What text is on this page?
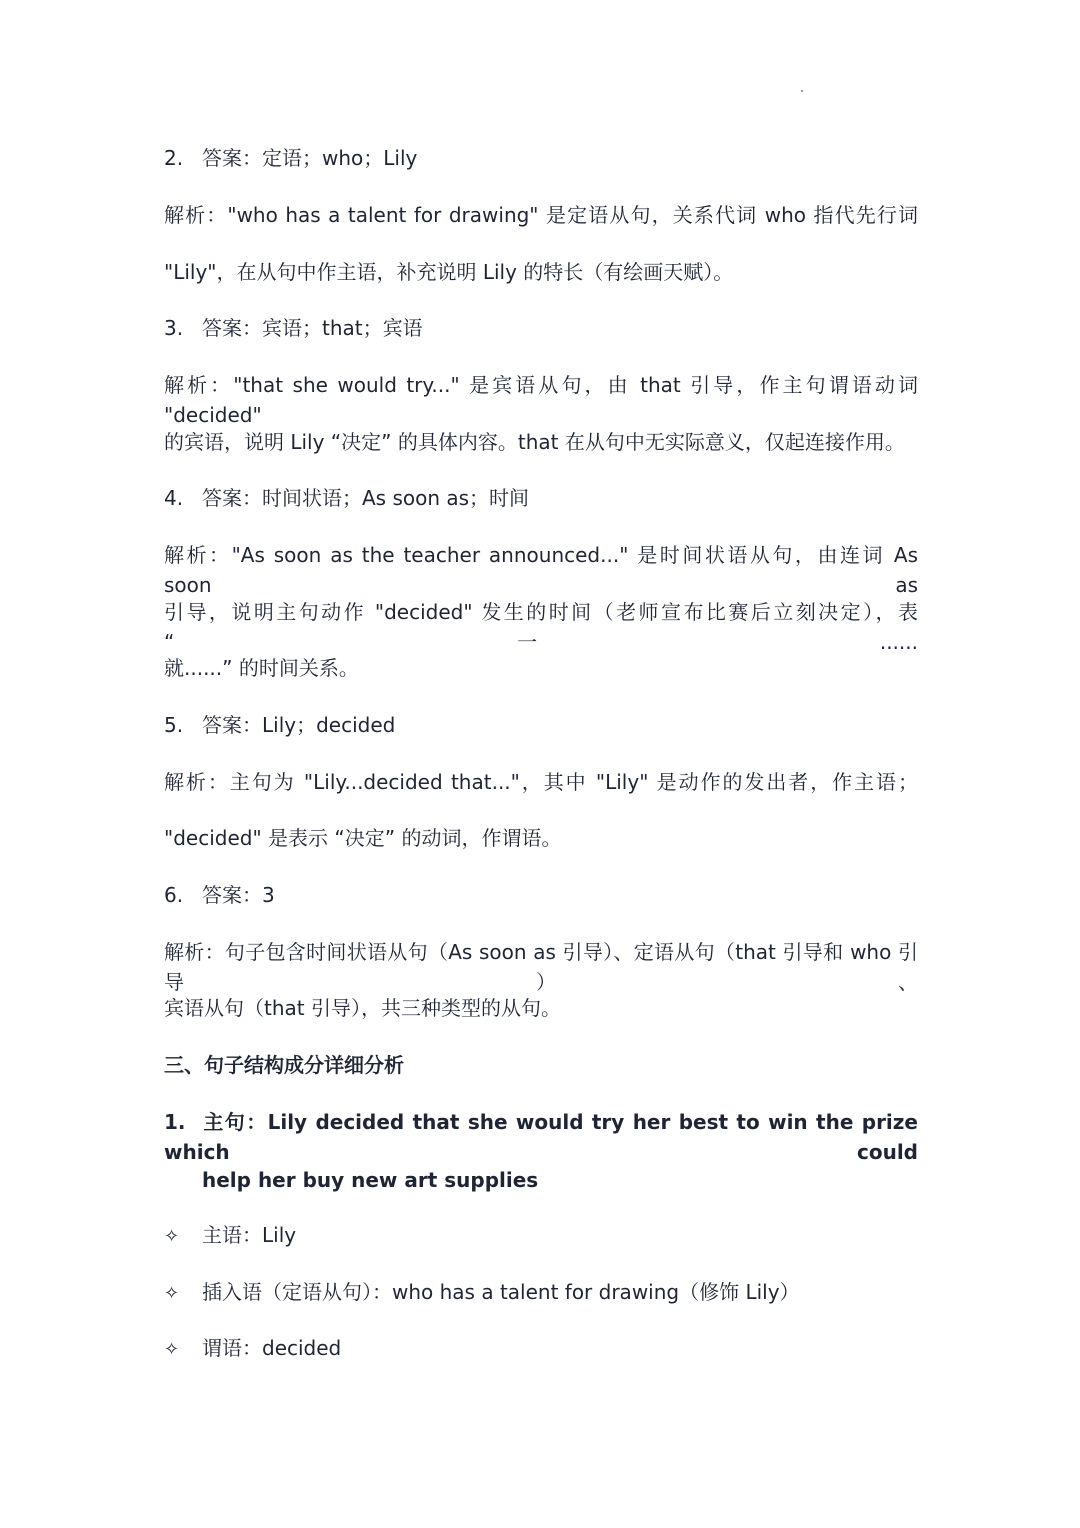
2. 答案：定语；who；Lily
解析："who has a talent for drawing" 是定语从句，关系代词 who 指代先行词
"Lily"，在从句中作主语，补充说明 Lily 的特长（有绘画天赋）。
3. 答案：宾语；that；宾语
解析："that she would try..." 是宾语从句，由 that 引导，作主句谓语动词 "decided"
的宾语，说明 Lily “决定” 的具体内容。that 在从句中无实际意义，仅起连接作用。
4. 答案：时间状语；As soon as；时间
解析："As soon as the teacher announced..." 是时间状语从句，由连词 As soon as
引导，说明主句动作 "decided" 发生的时间（老师宣布比赛后立刻决定），表 “一......
就......” 的时间关系。
5. 答案：Lily；decided
解析：主句为 "Lily...decided that..."，其中 "Lily" 是动作的发出者，作主语；
"decided" 是表示 “决定” 的动词，作谓语。
6. 答案：3
解析：句子包含时间状语从句（As soon as 引导）、定语从句（that 引导和 who 引导）、
宾语从句（that 引导），共三种类型的从句。
三、句子结构成分详细分析
1. 主句：Lily decided that she would try her best to win the prize which could
help her buy new art supplies
✧ 主语：Lily
✧ 插入语（定语从句）：who has a talent for drawing（修饰 Lily）
✧ 谓语：decided
